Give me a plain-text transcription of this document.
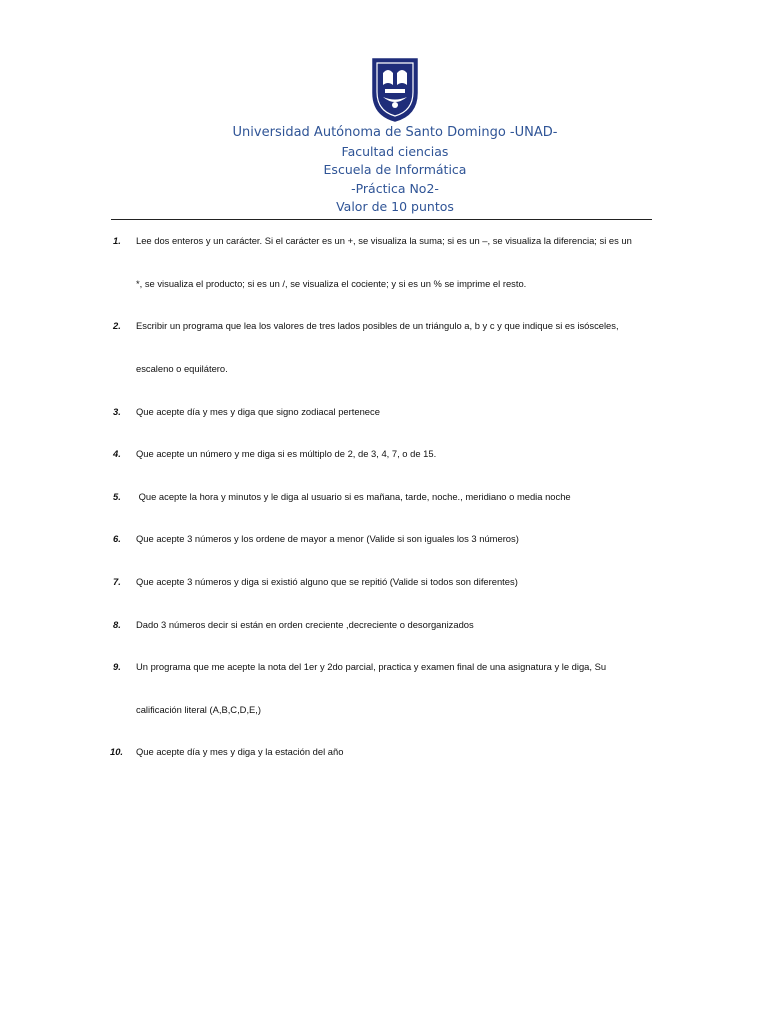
Universidad Autónoma de Santo Domingo -UNAD-
Facultad ciencias
Escuela de Informática
-Práctica No2-
Valor de 10 puntos
1. Lee dos enteros y un carácter. Si el carácter es un +, se visualiza la suma; si es un –, se visualiza la diferencia; si es un
*, se visualiza el producto; si es un /, se visualiza el cociente; y si es un % se imprime el resto.
2. Escribir un programa que lea los valores de tres lados posibles de un triángulo a, b y c y que indique si es isósceles,
escaleno o equilátero.
3. Que acepte día y mes y diga que signo zodiacal pertenece
4. Que acepte un número y me diga si es múltiplo de 2, de 3, 4, 7, o de 15.
5. Que acepte la hora y minutos y le diga al usuario si es mañana, tarde, noche., meridiano o media noche
6. Que acepte 3 números y los ordene de mayor a menor (Valide si son iguales los 3 números)
7. Que acepte 3 números y diga si existió alguno que se repitió (Valide si todos son diferentes)
8. Dado 3 números decir si están en orden creciente ,decreciente o desorganizados
9. Un programa que me acepte la nota del 1er y 2do parcial, practica y examen final de una asignatura y le diga, Su
calificación literal (A,B,C,D,E,)
10. Que acepte día y mes y diga y la estación del año
